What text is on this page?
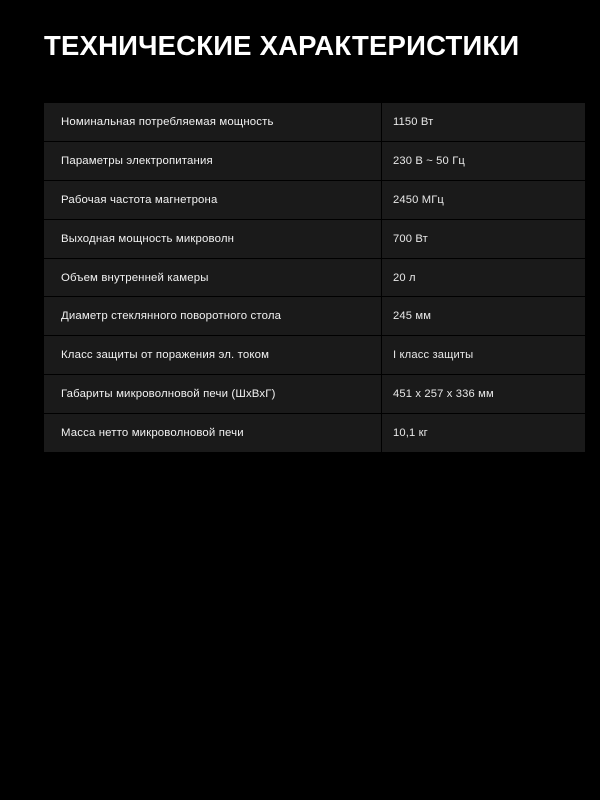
ТЕХНИЧЕСКИЕ ХАРАКТЕРИСТИКИ
Номинальная потребляемая мощность	1150 Вт
Параметры электропитания	230 В ~ 50 Гц
Рабочая частота магнетрона	2450 МГц
Выходная мощность микроволн	700 Вт
Объем внутренней камеры	20 л
Диаметр стеклянного поворотного стола	245 мм
Класс защиты от поражения эл. током	I класс защиты
Габариты микроволновой печи (ШхВхГ)	451 x 257 x 336 мм
Масса нетто микроволновой печи	10,1 кг
